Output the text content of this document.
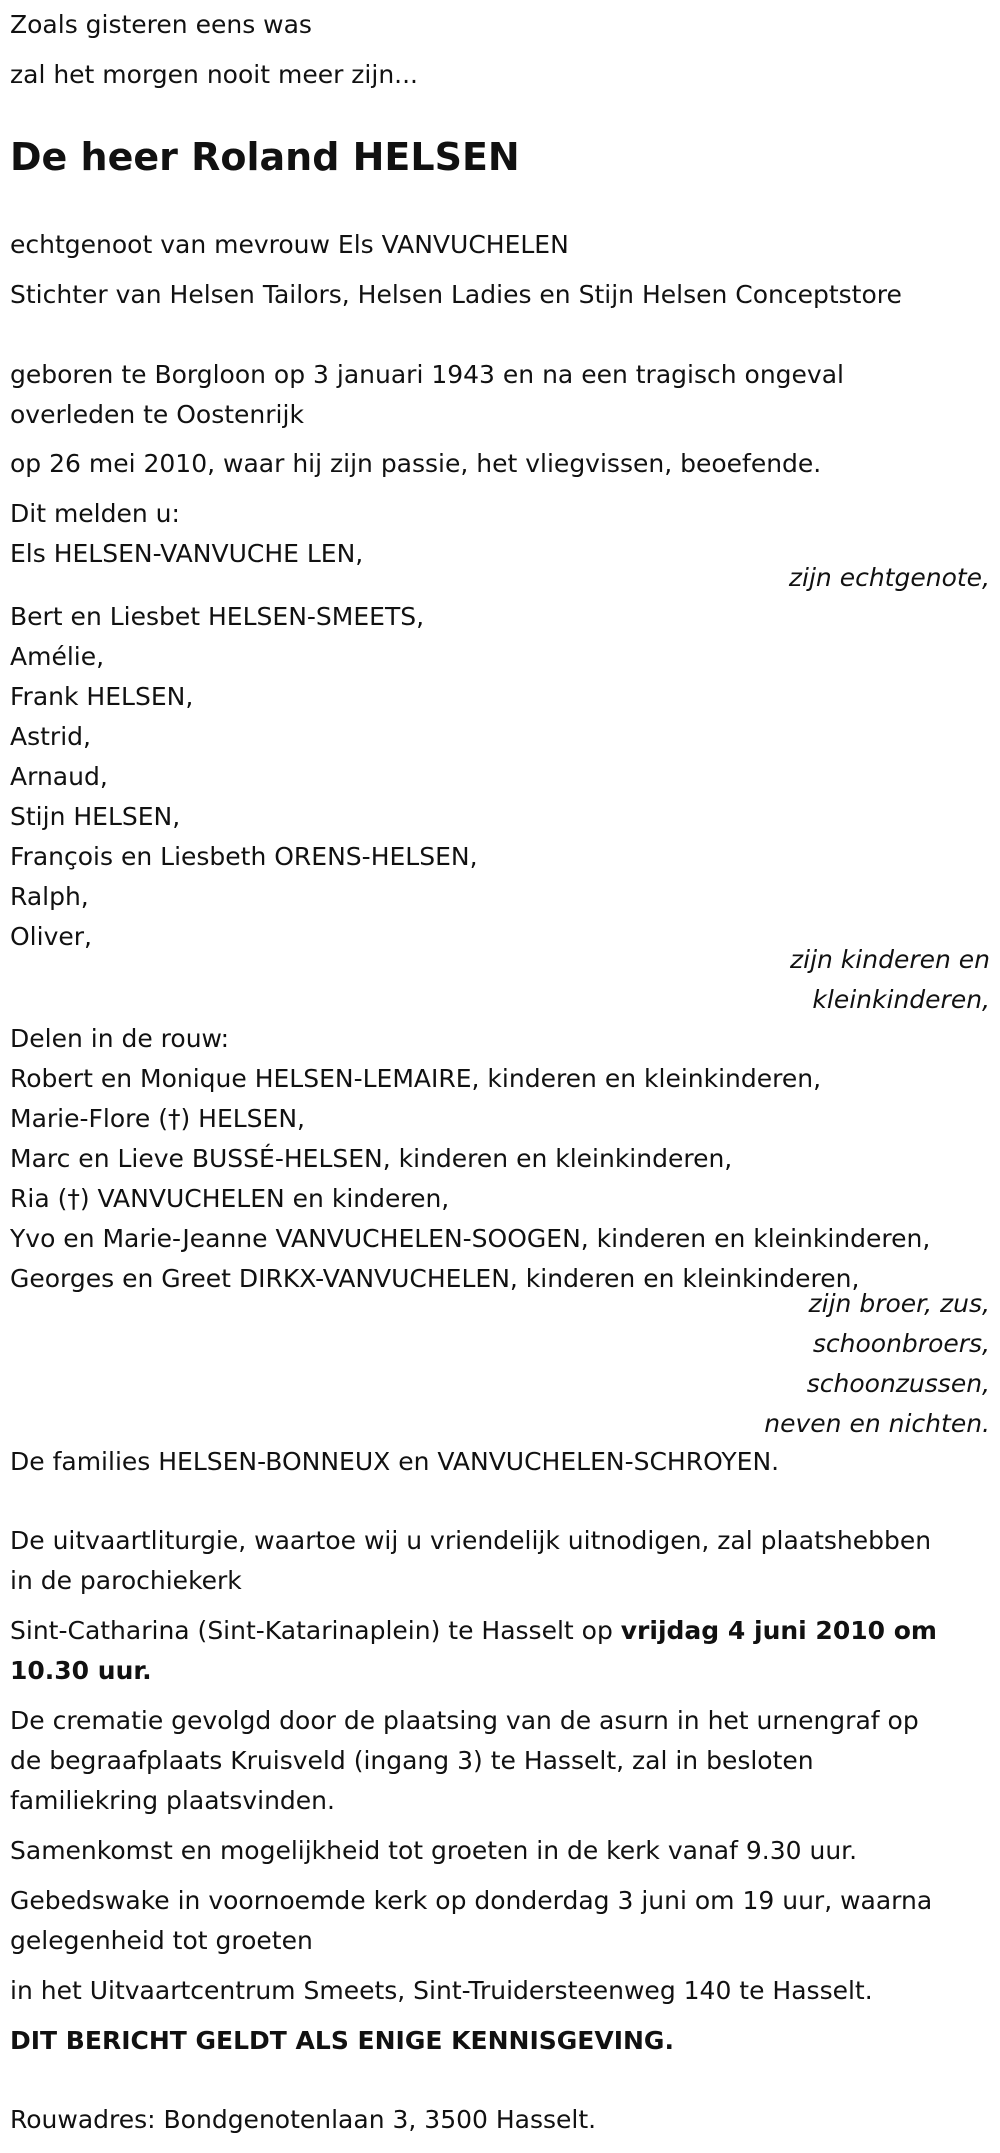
Zoals gisteren eens was
zal het morgen nooit meer zijn...
De heer Roland HELSEN
echtgenoot van mevrouw Els VANVUCHELEN
Stichter van Helsen Tailors, Helsen Ladies en Stijn Helsen Conceptstore
geboren te Borgloon op 3 januari 1943 en na een tragisch ongeval
overleden te Oostenrijk
op 26 mei 2010, waar hij zijn passie, het vliegvissen, beoefende.
Dit melden u:
Els HELSEN-VANVUCHE LEN,
zijn echtgenote,
Bert en Liesbet HELSEN-SMEETS,
Amélie,
Frank HELSEN,
Astrid,
Arnaud,
Stijn HELSEN,
François en Liesbeth ORENS-HELSEN,
Ralph,
Oliver,
zijn kinderen en
kleinkinderen,
Delen in de rouw:
Robert en Monique HELSEN-LEMAIRE, kinderen en kleinkinderen,
Marie-Flore (†) HELSEN,
Marc en Lieve BUSSÉ-HELSEN, kinderen en kleinkinderen,
Ria (†) VANVUCHELEN en kinderen,
Yvo en Marie-Jeanne VANVUCHELEN-SOOGEN, kinderen en kleinkinderen,
Georges en Greet DIRKX-VANVUCHELEN, kinderen en kleinkinderen,
zijn broer, zus,
schoonbroers,
schoonzussen,
neven en nichten.
De families HELSEN-BONNEUX en VANVUCHELEN-SCHROYEN.
De uitvaartliturgie, waartoe wij u vriendelijk uitnodigen, zal plaatshebben
in de parochiekerk
Sint-Catharina (Sint-Katarinaplein) te Hasselt op vrijdag 4 juni 2010 om
10.30 uur.
De crematie gevolgd door de plaatsing van de asurn in het urnengraf op
de begraafplaats Kruisveld (ingang 3) te Hasselt, zal in besloten
familiekring plaatsvinden.
Samenkomst en mogelijkheid tot groeten in de kerk vanaf 9.30 uur.
Gebedswake in voornoemde kerk op donderdag 3 juni om 19 uur, waarna
gelegenheid tot groeten
in het Uitvaartcentrum Smeets, Sint-Truidersteenweg 140 te Hasselt.
DIT BERICHT GELDT ALS ENIGE KENNISGEVING.
Rouwadres: Bondgenotenlaan 3, 3500 Hasselt.
